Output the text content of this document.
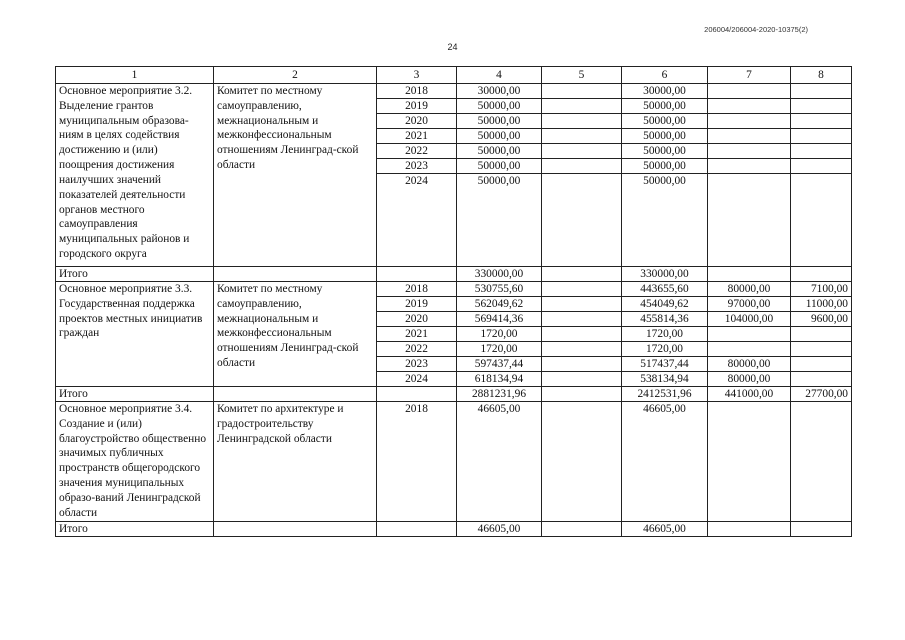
206004/206004-2020-10375(2)
24
1	2	3	4	5	6	7	8
Основное мероприятие 3.2. Выделение грантов муниципальным образова-ниям в целях содействия достижению и (или) поощрения достижения наилучших значений показателей деятельности органов местного самоуправления муниципальных районов и городского округа	Комитет по местному самоуправлению, межнациональным и межконфессиональным отношениям Ленинград-ской области	2018	30000,00		30000,00		
		2019	50000,00		50000,00		
		2020	50000,00		50000,00		
		2021	50000,00		50000,00		
		2022	50000,00		50000,00		
		2023	50000,00		50000,00		
		2024	50000,00		50000,00		
Итого			330000,00		330000,00		
Основное мероприятие 3.3. Государственная поддержка проектов местных инициатив граждан	Комитет по местному самоуправлению, межнациональным и межконфессиональным отношениям Ленинград-ской области	2018	530755,60		443655,60	80000,00	7100,00
		2019	562049,62		454049,62	97000,00	11000,00
		2020	569414,36		455814,36	104000,00	9600,00
		2021	1720,00		1720,00		
		2022	1720,00		1720,00		
		2023	597437,44		517437,44	80000,00	
		2024	618134,94		538134,94	80000,00	
Итого			2881231,96		2412531,96	441000,00	27700,00
Основное мероприятие 3.4. Создание и (или) благоустройство общественно значимых публичных пространств общегородского значения муниципальных образо-ваний Ленинградской области	Комитет по архитектуре и градостроительству Ленинградской области	2018	46605,00		46605,00		
Итого			46605,00		46605,00		
